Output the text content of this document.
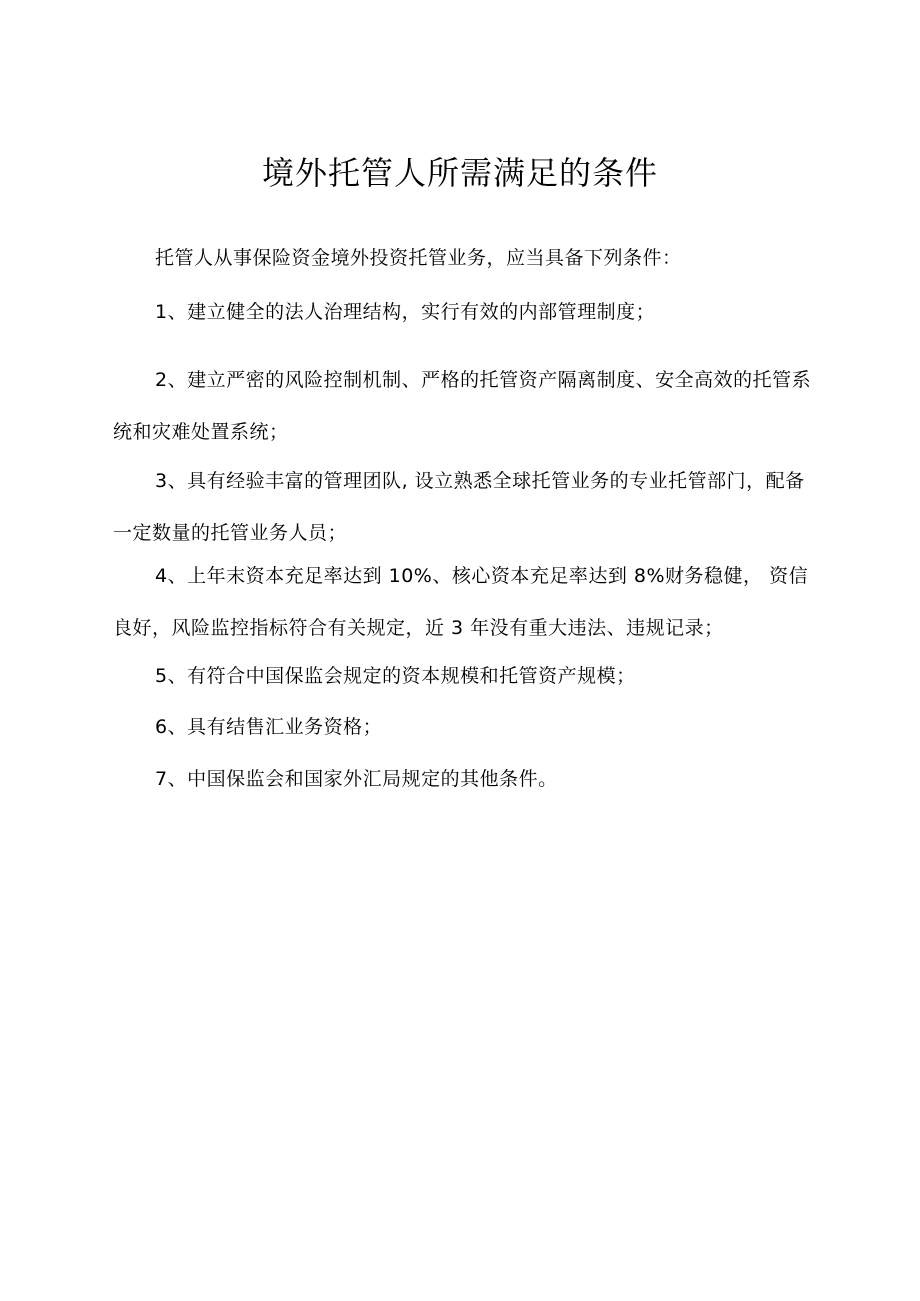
境外托管人所需满足的条件

托管人从事保险资金境外投资托管业务，应当具备下列条件：

1、建立健全的法人治理结构，实行有效的内部管理制度；

2、建立严密的风险控制机制、严格的托管资产隔离制度、安全高效的托管系统和灾难处置系统；

3、具有经验丰富的管理团队, 设立熟悉全球托管业务的专业托管部门，配备一定数量的托管业务人员；

4、上年末资本充足率达到 10%、核心资本充足率达到 8%财务稳健， 资信良好，风险监控指标符合有关规定，近 3 年没有重大违法、违规记录；

5、有符合中国保监会规定的资本规模和托管资产规模；

6、具有结售汇业务资格；

7、中国保监会和国家外汇局规定的其他条件。
